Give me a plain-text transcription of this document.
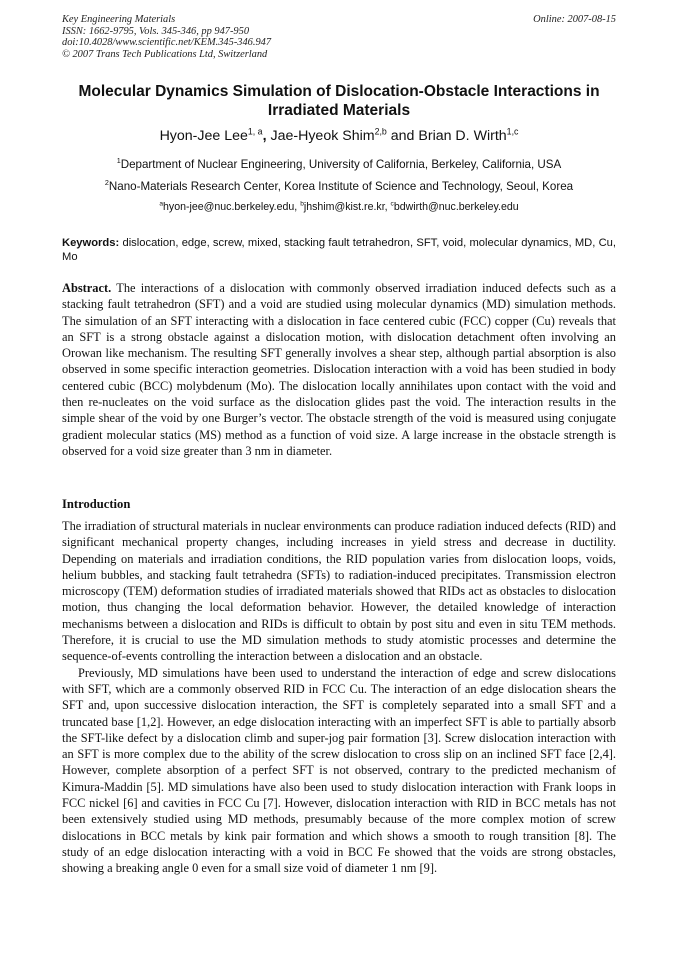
Key Engineering Materials
ISSN: 1662-9795, Vols. 345-346, pp 947-950
doi:10.4028/www.scientific.net/KEM.345-346.947
© 2007 Trans Tech Publications Ltd, Switzerland
Online: 2007-08-15
Molecular Dynamics Simulation of Dislocation-Obstacle Interactions in Irradiated Materials
Hyon-Jee Lee$^{1, a}$, Jae-Hyeok Shim$^{2,b}$ and Brian D. Wirth$^{1,c}$
$^1$Department of Nuclear Engineering, University of California, Berkeley, California, USA
$^2$Nano-Materials Research Center, Korea Institute of Science and Technology, Seoul, Korea
$^a$hyon-jee@nuc.berkeley.edu, $^b$jhshim@kist.re.kr, $^c$bdwirth@nuc.berkeley.edu
Keywords: dislocation, edge, screw, mixed, stacking fault tetrahedron, SFT, void, molecular dynamics, MD, Cu, Mo
Abstract. The interactions of a dislocation with commonly observed irradiation induced defects such as a stacking fault tetrahedron (SFT) and a void are studied using molecular dynamics (MD) simulation methods. The simulation of an SFT interacting with a dislocation in face centered cubic (FCC) copper (Cu) reveals that an SFT is a strong obstacle against a dislocation motion, with dislocation detachment often involving an Orowan like mechanism. The resulting SFT generally involves a shear step, although partial absorption is also observed in some specific interaction geometries. Dislocation interaction with a void has been studied in body centered cubic (BCC) molybdenum (Mo). The dislocation locally annihilates upon contact with the void and then re-nucleates on the void surface as the dislocation glides past the void. The interaction results in the simple shear of the void by one Burger’s vector. The obstacle strength of the void is measured using conjugate gradient molecular statics (MS) method as a function of void size. A large increase in the obstacle strength is observed for a void size greater than 3 nm in diameter.
Introduction

The irradiation of structural materials in nuclear environments can produce radiation induced defects (RID) and significant mechanical property changes, including increases in yield stress and decrease in ductility. Depending on materials and irradiation conditions, the RID population varies from dislocation loops, voids, helium bubbles, and stacking fault tetrahedra (SFTs) to radiation-induced precipitates. Transmission electron microscopy (TEM) deformation studies of irradiated materials showed that RIDs act as obstacles to dislocation motion, thus changing the local deformation behavior. However, the detailed knowledge of interaction mechanisms between a dislocation and RIDs is difficult to obtain by post situ and even in situ TEM methods. Therefore, it is crucial to use the MD simulation methods to study atomistic processes and determine the sequence-of-events controlling the interaction between a dislocation and an obstacle.

Previously, MD simulations have been used to understand the interaction of edge and screw dislocations with SFT, which are a commonly observed RID in FCC Cu. The interaction of an edge dislocation shears the SFT and, upon successive dislocation interaction, the SFT is completely separated into a small SFT and a truncated base [1,2]. However, an edge dislocation interacting with an imperfect SFT is able to partially absorb the SFT-like defect by a dislocation climb and super-jog pair formation [3]. Screw dislocation interaction with an SFT is more complex due to the ability of the screw dislocation to cross slip on an inclined SFT face [2,4]. However, complete absorption of a perfect SFT is not observed, contrary to the predicted mechanism of Kimura-Maddin [5]. MD simulations have also been used to study dislocation interaction with Frank loops in FCC nickel [6] and cavities in FCC Cu [7]. However, dislocation interaction with RID in BCC metals has not been extensively studied using MD methods, presumably because of the more complex motion of screw dislocations in BCC metals by kink pair formation and which shows a smooth to rough transition [8]. The study of an edge dislocation interacting with a void in BCC Fe showed that the voids are strong obstacles, showing a breaking angle 0 even for a small size void of diameter 1 nm [9].
